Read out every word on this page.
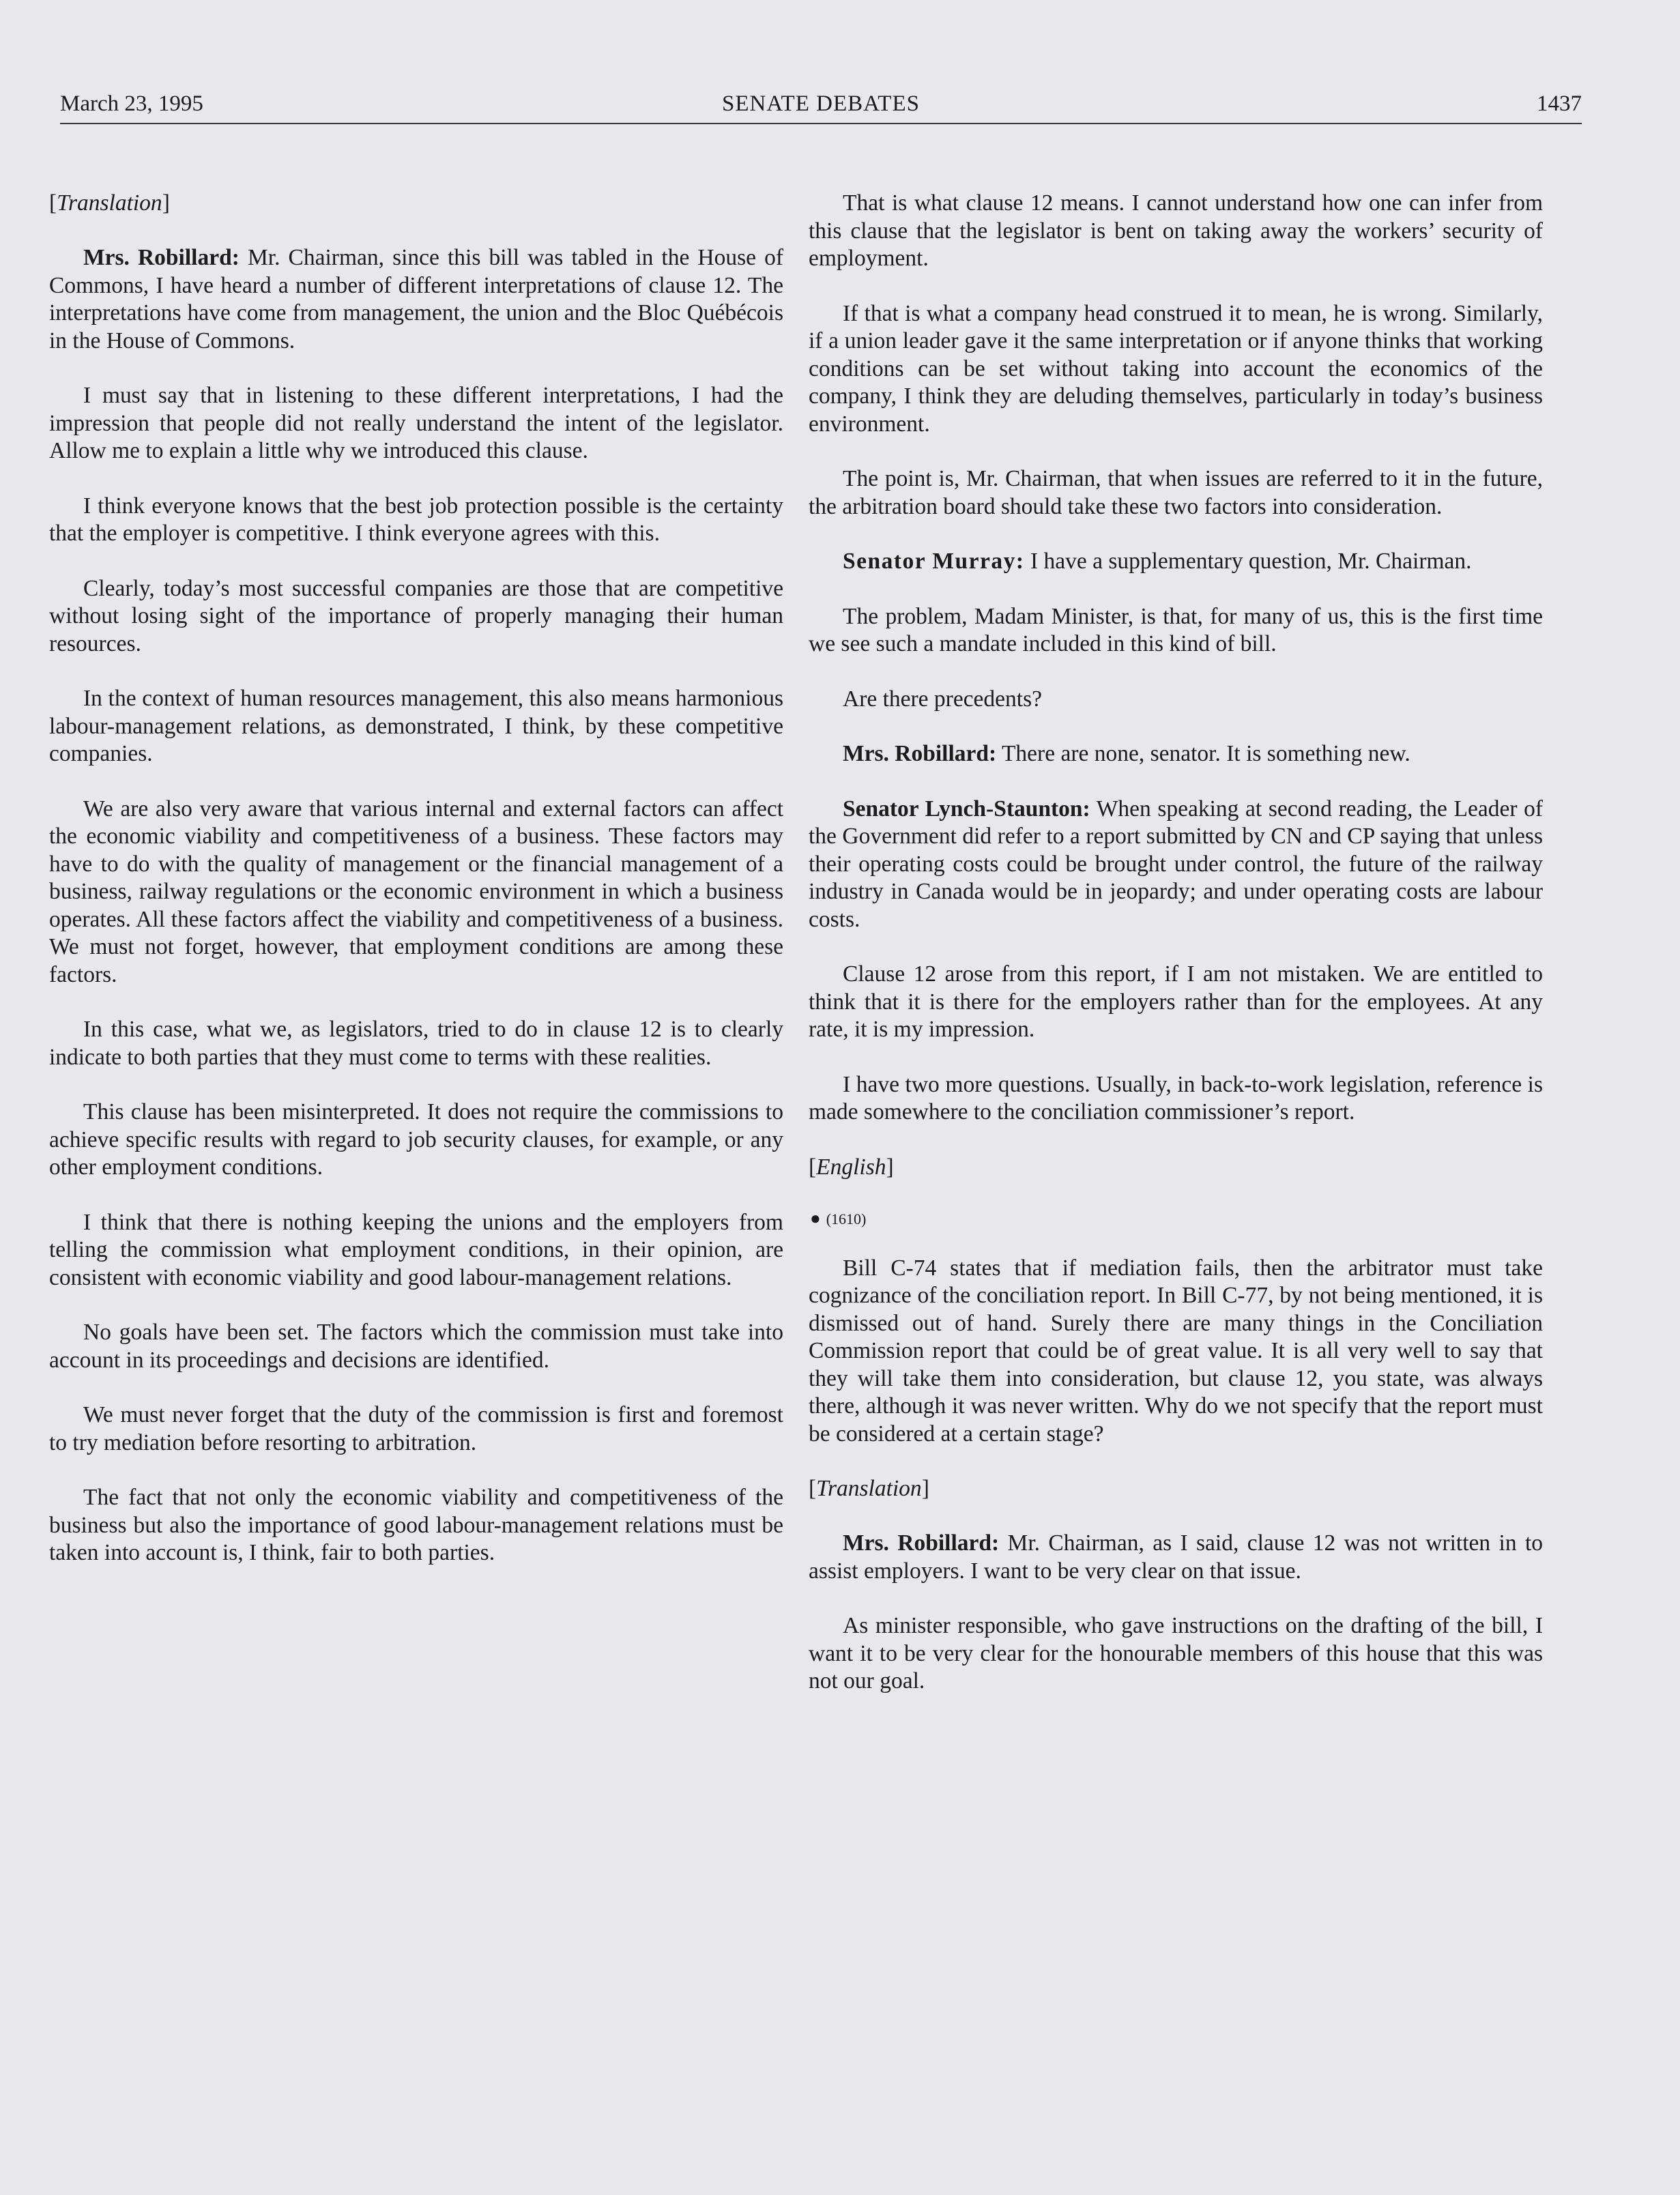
March 23, 1995	SENATE DEBATES	1437

[Translation]

Mrs. Robillard: Mr. Chairman, since this bill was tabled in the House of Commons, I have heard a number of different interpretations of clause 12. The interpretations have come from management, the union and the Bloc Québécois in the House of Commons.

I must say that in listening to these different interpretations, I had the impression that people did not really understand the intent of the legislator. Allow me to explain a little why we introduced this clause.

I think everyone knows that the best job protection possible is the certainty that the employer is competitive. I think everyone agrees with this.

Clearly, today’s most successful companies are those that are competitive without losing sight of the importance of properly managing their human resources.

In the context of human resources management, this also means harmonious labour-management relations, as demonstrated, I think, by these competitive companies.

We are also very aware that various internal and external factors can affect the economic viability and competitiveness of a business. These factors may have to do with the quality of management or the financial management of a business, railway regulations or the economic environment in which a business operates. All these factors affect the viability and competitiveness of a business. We must not forget, however, that employment conditions are among these factors.

In this case, what we, as legislators, tried to do in clause 12 is to clearly indicate to both parties that they must come to terms with these realities.

This clause has been misinterpreted. It does not require the commissions to achieve specific results with regard to job security clauses, for example, or any other employment conditions.

I think that there is nothing keeping the unions and the employers from telling the commission what employment conditions, in their opinion, are consistent with economic viability and good labour-management relations.

No goals have been set. The factors which the commission must take into account in its proceedings and decisions are identified.

We must never forget that the duty of the commission is first and foremost to try mediation before resorting to arbitration.

The fact that not only the economic viability and competitiveness of the business but also the importance of good labour-management relations must be taken into account is, I think, fair to both parties.

That is what clause 12 means. I cannot understand how one can infer from this clause that the legislator is bent on taking away the workers’ security of employment.

If that is what a company head construed it to mean, he is wrong. Similarly, if a union leader gave it the same interpretation or if anyone thinks that working conditions can be set without taking into account the economics of the company, I think they are deluding themselves, particularly in today’s business environment.

The point is, Mr. Chairman, that when issues are referred to it in the future, the arbitration board should take these two factors into consideration.

Senator Murray: I have a supplementary question, Mr. Chairman.

The problem, Madam Minister, is that, for many of us, this is the first time we see such a mandate included in this kind of bill.

Are there precedents?

Mrs. Robillard: There are none, senator. It is something new.

Senator Lynch-Staunton: When speaking at second reading, the Leader of the Government did refer to a report submitted by CN and CP saying that unless their operating costs could be brought under control, the future of the railway industry in Canada would be in jeopardy; and under operating costs are labour costs.

Clause 12 arose from this report, if I am not mistaken. We are entitled to think that it is there for the employers rather than for the employees. At any rate, it is my impression.

I have two more questions. Usually, in back-to-work legislation, reference is made somewhere to the conciliation commissioner’s report.

[English]

● (1610)

Bill C-74 states that if mediation fails, then the arbitrator must take cognizance of the conciliation report. In Bill C-77, by not being mentioned, it is dismissed out of hand. Surely there are many things in the Conciliation Commission report that could be of great value. It is all very well to say that they will take them into consideration, but clause 12, you state, was always there, although it was never written. Why do we not specify that the report must be considered at a certain stage?

[Translation]

Mrs. Robillard: Mr. Chairman, as I said, clause 12 was not written in to assist employers. I want to be very clear on that issue.

As minister responsible, who gave instructions on the drafting of the bill, I want it to be very clear for the honourable members of this house that this was not our goal.
